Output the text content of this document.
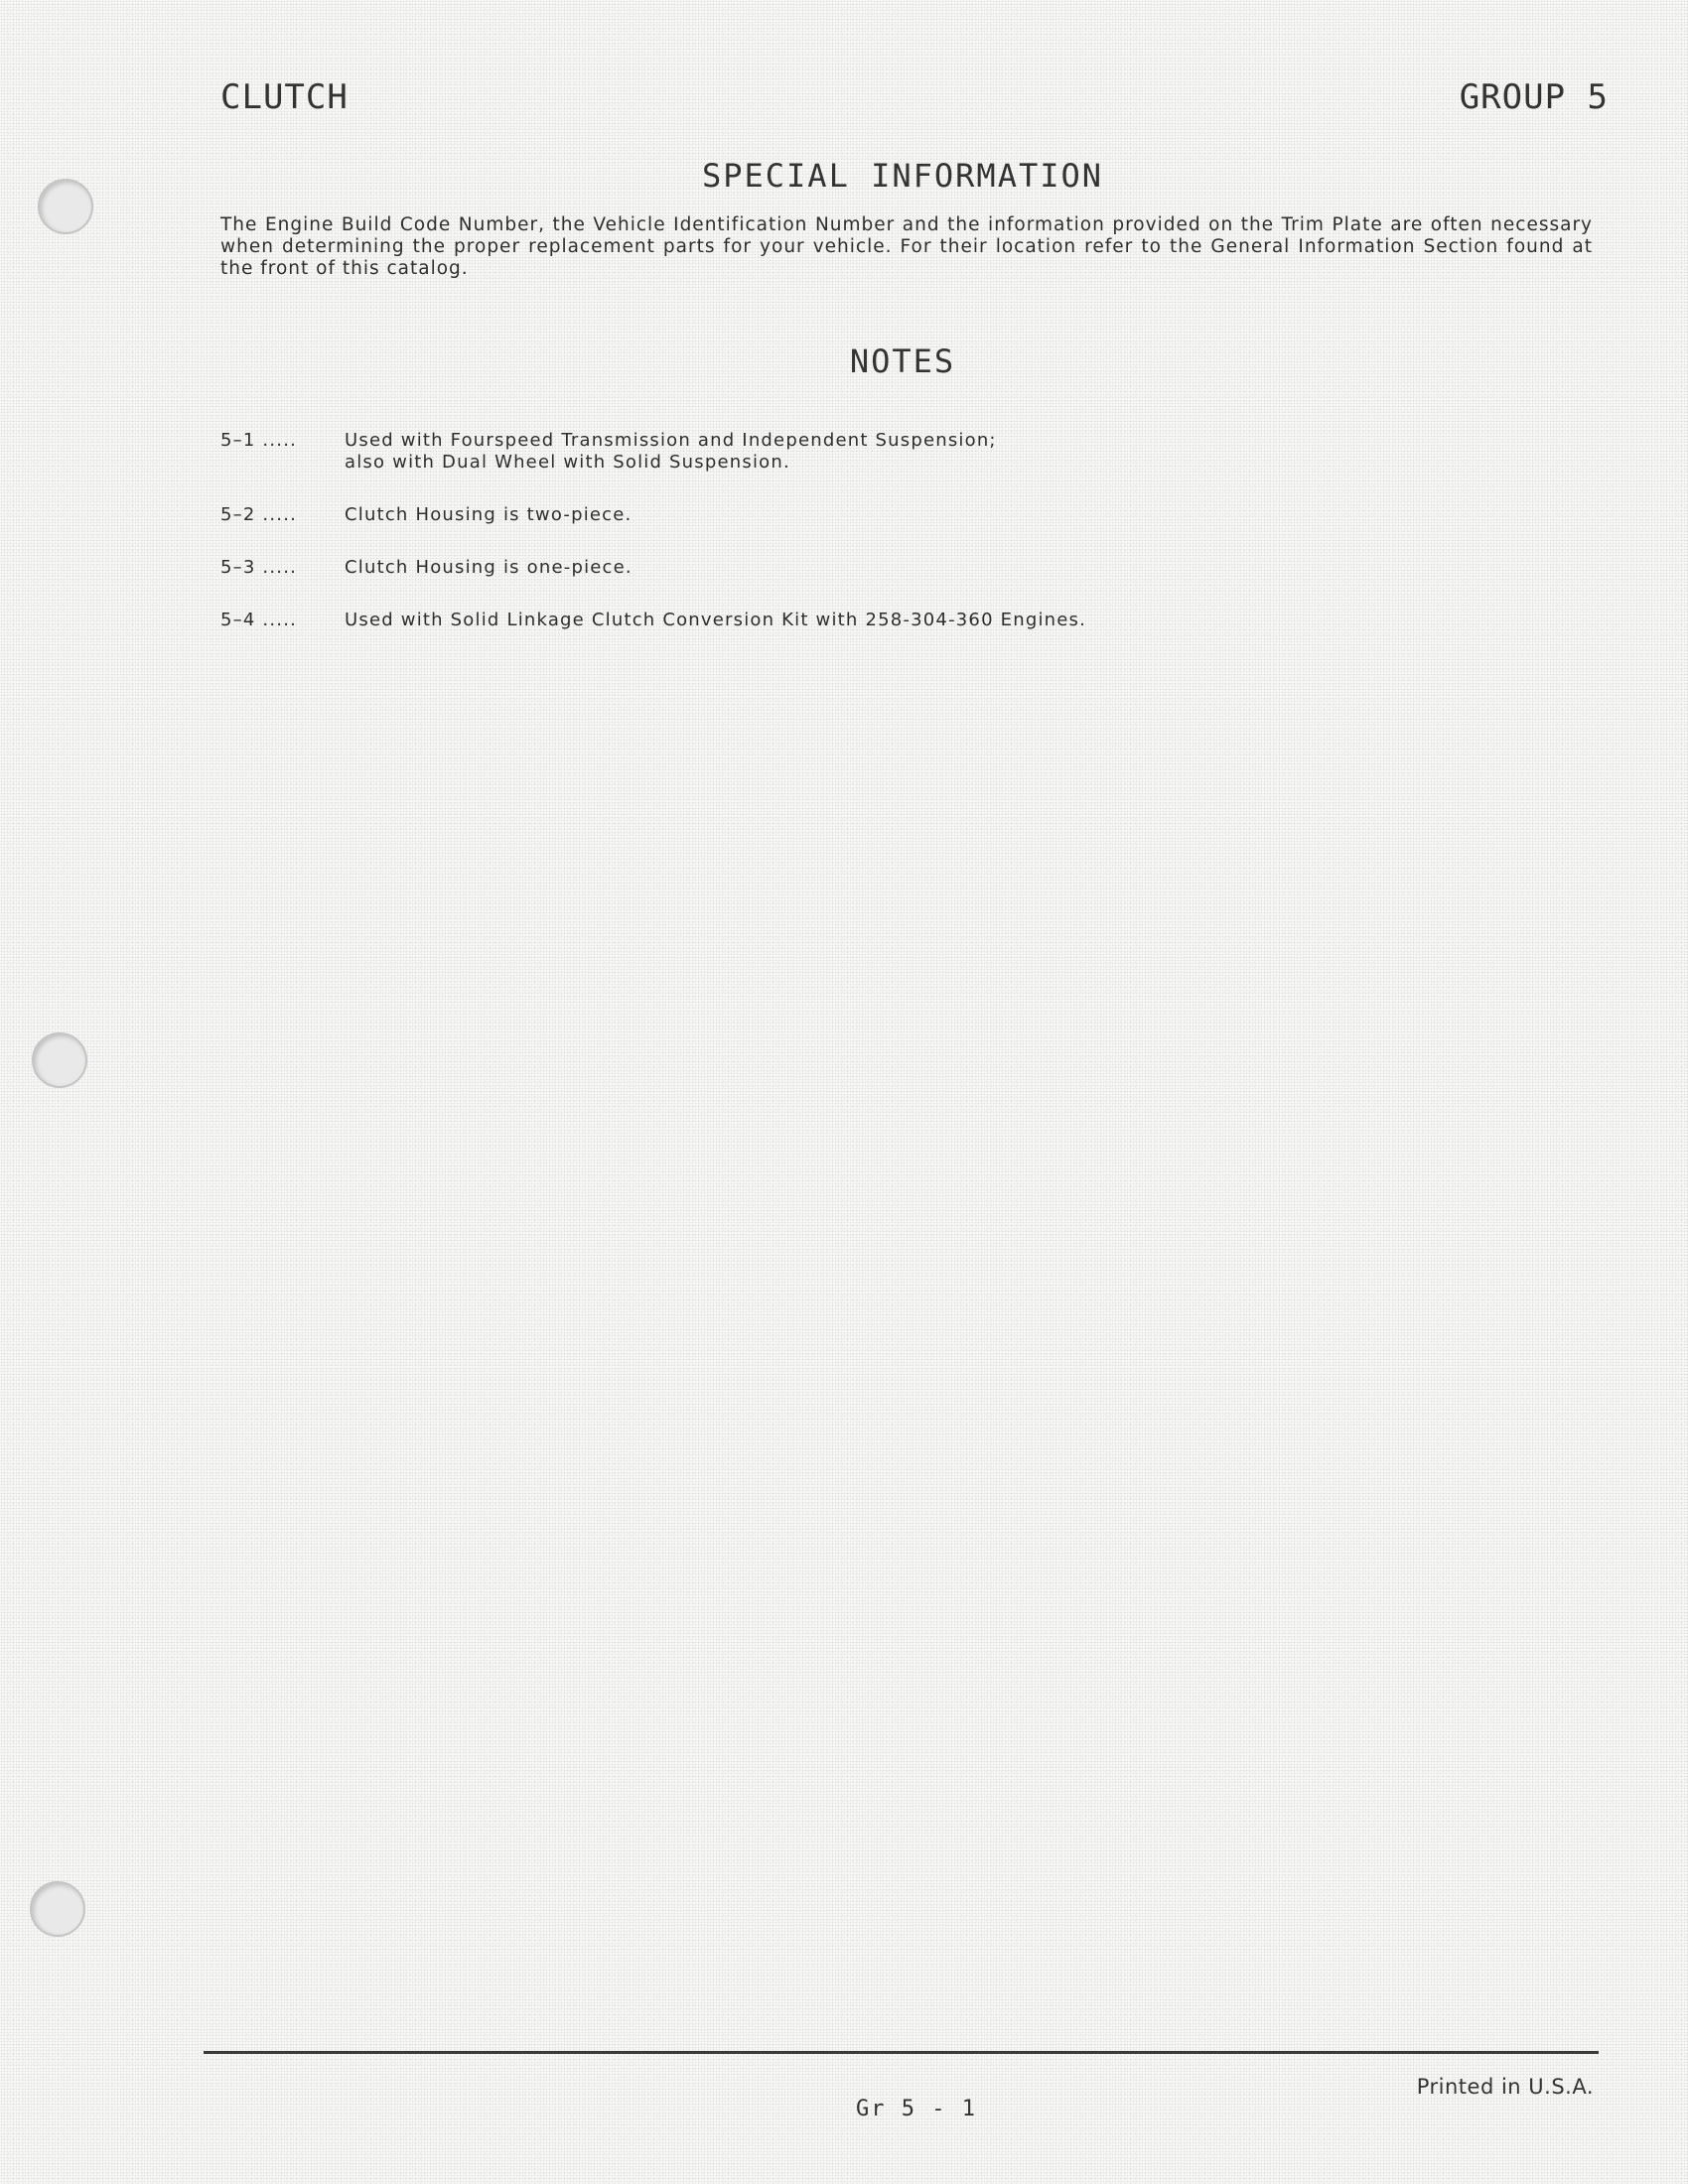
CLUTCH	GROUP 5
SPECIAL INFORMATION

The Engine Build Code Number, the Vehicle Identification Number and the information provided on the Trim Plate are often necessary when determining the proper replacement parts for your vehicle. For their location refer to the General Information Section found at the front of this catalog.

NOTES
5–1 .....	Used with Fourspeed Transmission and Independent Suspension;
also with Dual Wheel with Solid Suspension.
5–2 .....	Clutch Housing is two-piece.
5–3 .....	Clutch Housing is one-piece.
5–4 .....	Used with Solid Linkage Clutch Conversion Kit with 258-304-360 Engines.
Printed in U.S.A.
Gr 5 - 1
